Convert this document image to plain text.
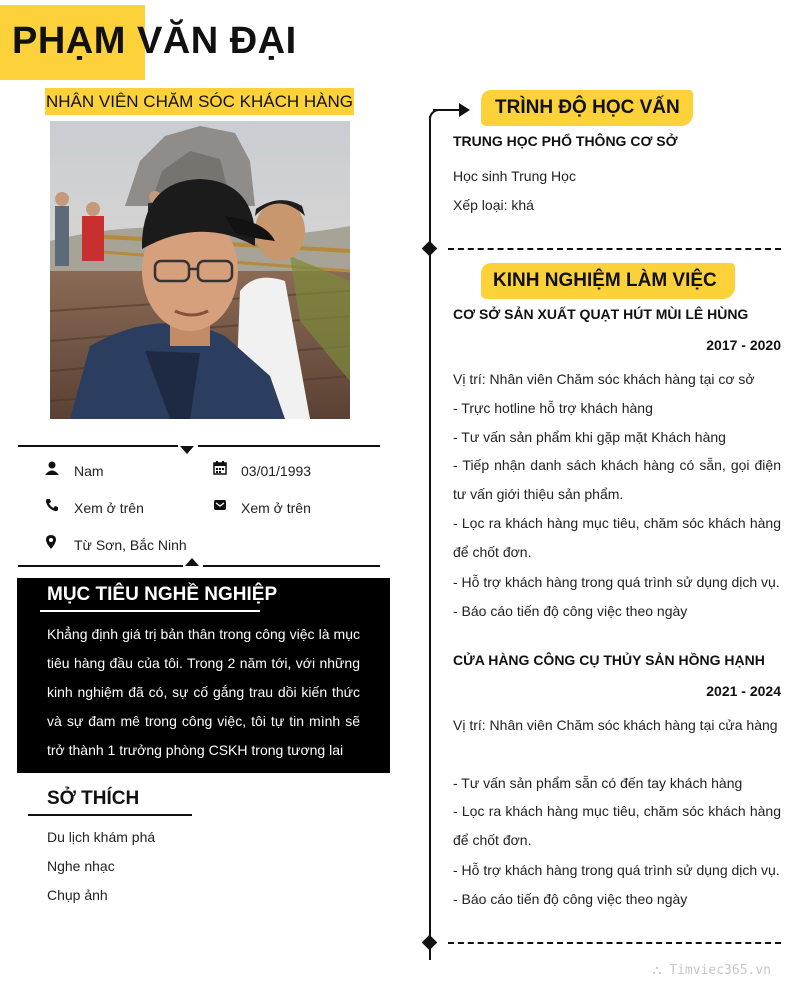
PHẠM VĂN ĐẠI
NHÂN VIÊN CHĂM SÓC KHÁCH HÀNG
Nam	03/01/1993
Xem ở trên	Xem ở trên
Từ Sơn, Bắc Ninh
MỤC TIÊU NGHỀ NGHIỆP
Khẳng định giá trị bản thân trong công việc là mục tiêu hàng đầu của tôi. Trong 2 năm tới, với những kinh nghiệm đã có, sự cố gắng trau dồi kiến thức và sự đam mê trong công việc, tôi tự tin mình sẽ trở thành 1 trưởng phòng CSKH trong tương lai
SỞ THÍCH
Du lịch khám phá
Nghe nhạc
Chụp ảnh
TRÌNH ĐỘ HỌC VẤN
TRUNG HỌC PHỔ THÔNG CƠ SỞ
Học sinh Trung Học
Xếp loại: khá
KINH NGHIỆM LÀM VIỆC
CƠ SỞ SẢN XUẤT QUẠT HÚT MÙI LÊ HÙNG
2017 - 2020
Vị trí: Nhân viên Chăm sóc khách hàng tại cơ sở
- Trực hotline hỗ trợ khách hàng
- Tư vấn sản phẩm khi gặp mặt Khách hàng
- Tiếp nhận danh sách khách hàng có sẵn, gọi điện tư vấn giới thiệu sản phẩm.
- Lọc ra khách hàng mục tiêu, chăm sóc khách hàng để chốt đơn.
- Hỗ trợ khách hàng trong quá trình sử dụng dịch vụ.
- Báo cáo tiến độ công việc theo ngày
CỬA HÀNG CÔNG CỤ THỦY SẢN HỒNG HẠNH
2021 - 2024
Vị trí: Nhân viên Chăm sóc khách hàng tại cửa hàng
- Tư vấn sản phẩm sẵn có đến tay khách hàng
- Lọc ra khách hàng mục tiêu, chăm sóc khách hàng để chốt đơn.
- Hỗ trợ khách hàng trong quá trình sử dụng dịch vụ.
- Báo cáo tiến độ công việc theo ngày
⛬ Timviec365.vn
